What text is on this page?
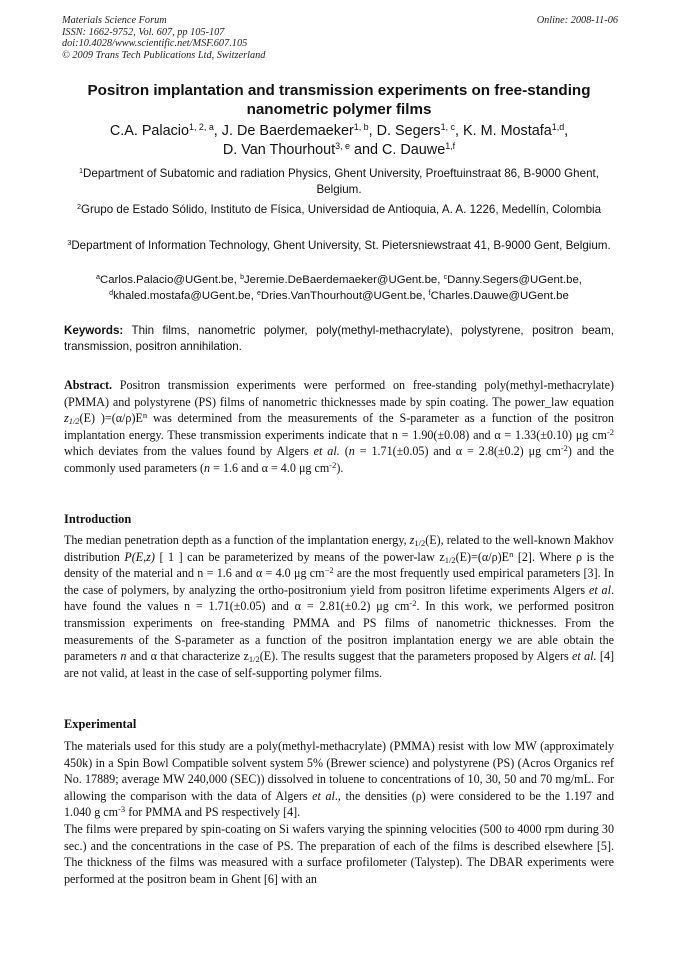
Materials Science Forum
ISSN: 1662-9752, Vol. 607, pp 105-107
doi:10.4028/www.scientific.net/MSF.607.105
© 2009 Trans Tech Publications Ltd, Switzerland
Online: 2008-11-06
Positron implantation and transmission experiments on free-standing nanometric polymer films
C.A. Palacio$^{1, 2, a}$, J. De Baerdemaeker$^{1, b}$, D. Segers$^{1, c}$, K. M. Mostafa$^{1,d}$,
D. Van Thourhout$^{3, e}$ and C. Dauwe$^{1,f}$
$^1$Department of Subatomic and radiation Physics, Ghent University, Proeftuinstraat 86, B-9000 Ghent, Belgium.
$^2$Grupo de Estado Sólido, Instituto de Física, Universidad de Antioquia, A. A. 1226, Medellín, Colombia
$^3$Department of Information Technology, Ghent University, St. Pietersniewstraat 41, B-9000 Gent, Belgium.
$^a$Carlos.Palacio@UGent.be, $^b$Jeremie.DeBaerdemaeker@UGent.be, $^c$Danny.Segers@UGent.be,
$^d$khaled.mostafa@UGent.be, $^e$Dries.VanThourhout@UGent.be, $^f$Charles.Dauwe@UGent.be
Keywords: Thin films, nanometric polymer, poly(methyl-methacrylate), polystyrene, positron beam, transmission, positron annihilation.
Abstract. Positron transmission experiments were performed on free-standing poly(methyl-methacrylate) (PMMA) and polystyrene (PS) films of nanometric thicknesses made by spin coating. The power_law equation $z_{1/2}(E)$ )$=(\alpha/\rho)E^n$ was determined from the measurements of the S-parameter as a function of the positron implantation energy. These transmission experiments indicate that n = 1.90(±0.08) and α = 1.33(±0.10) μg $cm^{-2}$ which deviates from the values found by Algers et al. (n = 1.71(±0.05) and α = 2.8(±0.2) μg $cm^{-2}$) and the commonly used parameters (n = 1.6 and α = 4.0 μg $cm^{-2}$).
Introduction
The median penetration depth as a function of the implantation energy, $z_{1/2}(E)$, related to the well-known Makhov distribution P(E,z) [ 1 ] can be parameterized by means of the power-law $z_{1/2}(E)=(\alpha/\rho)E^n$ [2]. Where ρ is the density of the material and n = 1.6 and α = 4.0 μg $cm^{-2}$ are the most frequently used empirical parameters [3]. In the case of polymers, by analyzing the ortho-positronium yield from positron lifetime experiments Algers et al. have found the values n = 1.71(±0.05) and α = 2.81(±0.2) μg $cm^{-2}$. In this work, we performed positron transmission experiments on free-standing PMMA and PS films of nanometric thicknesses. From the measurements of the S-parameter as a function of the positron implantation energy we are able obtain the parameters n and α that characterize $z_{1/2}(E)$. The results suggest that the parameters proposed by Algers et al. [4] are not valid, at least in the case of self-supporting polymer films.
Experimental

The materials used for this study are a poly(methyl-methacrylate) (PMMA) resist with low MW (approximately 450k) in a Spin Bowl Compatible solvent system 5% (Brewer science) and polystyrene (PS) (Acros Organics ref No. 17889; average MW 240,000 (SEC)) dissolved in toluene to concentrations of 10, 30, 50 and 70 mg/mL. For allowing the comparison with the data of Algers et al., the densities (ρ) were considered to be the 1.197 and 1.040 g $cm^{-3}$ for PMMA and PS respectively [4].

The films were prepared by spin-coating on Si wafers varying the spinning velocities (500 to 4000 rpm during 30 sec.) and the concentrations in the case of PS. The preparation of each of the films is described elsewhere [5]. The thickness of the films was measured with a surface profilometer (Talystep). The DBAR experiments were performed at the positron beam in Ghent [6] with an
